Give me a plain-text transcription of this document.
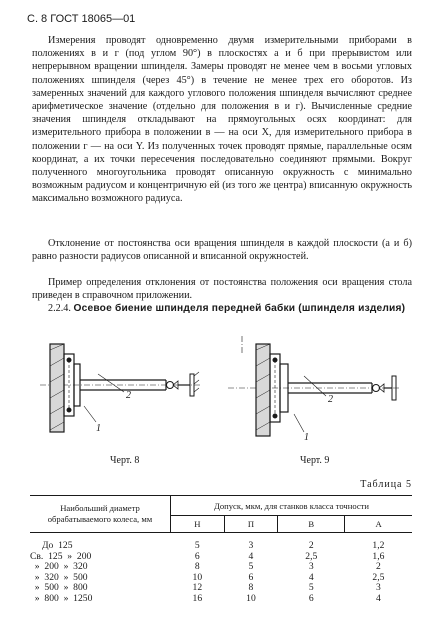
С. 8 ГОСТ 18065—01

Измерения проводят одновременно двумя измерительными приборами в положениях в и г (под углом 90°) в плоскостях а и б при прерывистом или непрерывном вращении шпинделя. Замеры проводят не менее чем в восьми угловых положениях шпинделя (через 45°) в течение не менее трех его оборотов. Из замеренных значений для каждого углового положения шпинделя вычисляют среднее арифметическое значение (отдельно для положения в и г). Вычисленные средние значения шпинделя откладывают на прямоугольных осях координат: для измерительного прибора в положении в — на оси X, для измерительного прибора в положении г — на оси Y. Из полученных точек проводят прямые, параллельные осям координат, а их точки пересечения последовательно соединяют прямыми. Вокруг полученного многоугольника проводят описанную окружность с минимально возможным радиусом и концентричную ей (из того же центра) вписанную окружность максимально возможного радиуса.

Отклонение от постоянства оси вращения шпинделя в каждой плоскости (а и б) равно разности радиусов описанной и вписанной окружностей.

Пример определения отклонения от постоянства положения оси вращения стола приведен в справочном приложении.

2.2.4. Осевое биение шпинделя передней бабки (шпинделя изделия)
2
1
Черт. 8
2
1
Черт. 9
Таблица 5
Наибольший диаметр обрабатываемого колеса, мм	Допуск, мкм, для станков класса точности			
	Н	П	В	А
До  125	5	3	2	1,2
Св.  125  »  200	6	4	2,5	1,6
»  200  »  320	8	5	3	2
»  320  »  500	10	6	4	2,5
»  500  »  800	12	8	5	3
»  800  »  1250	16	10	6	4
